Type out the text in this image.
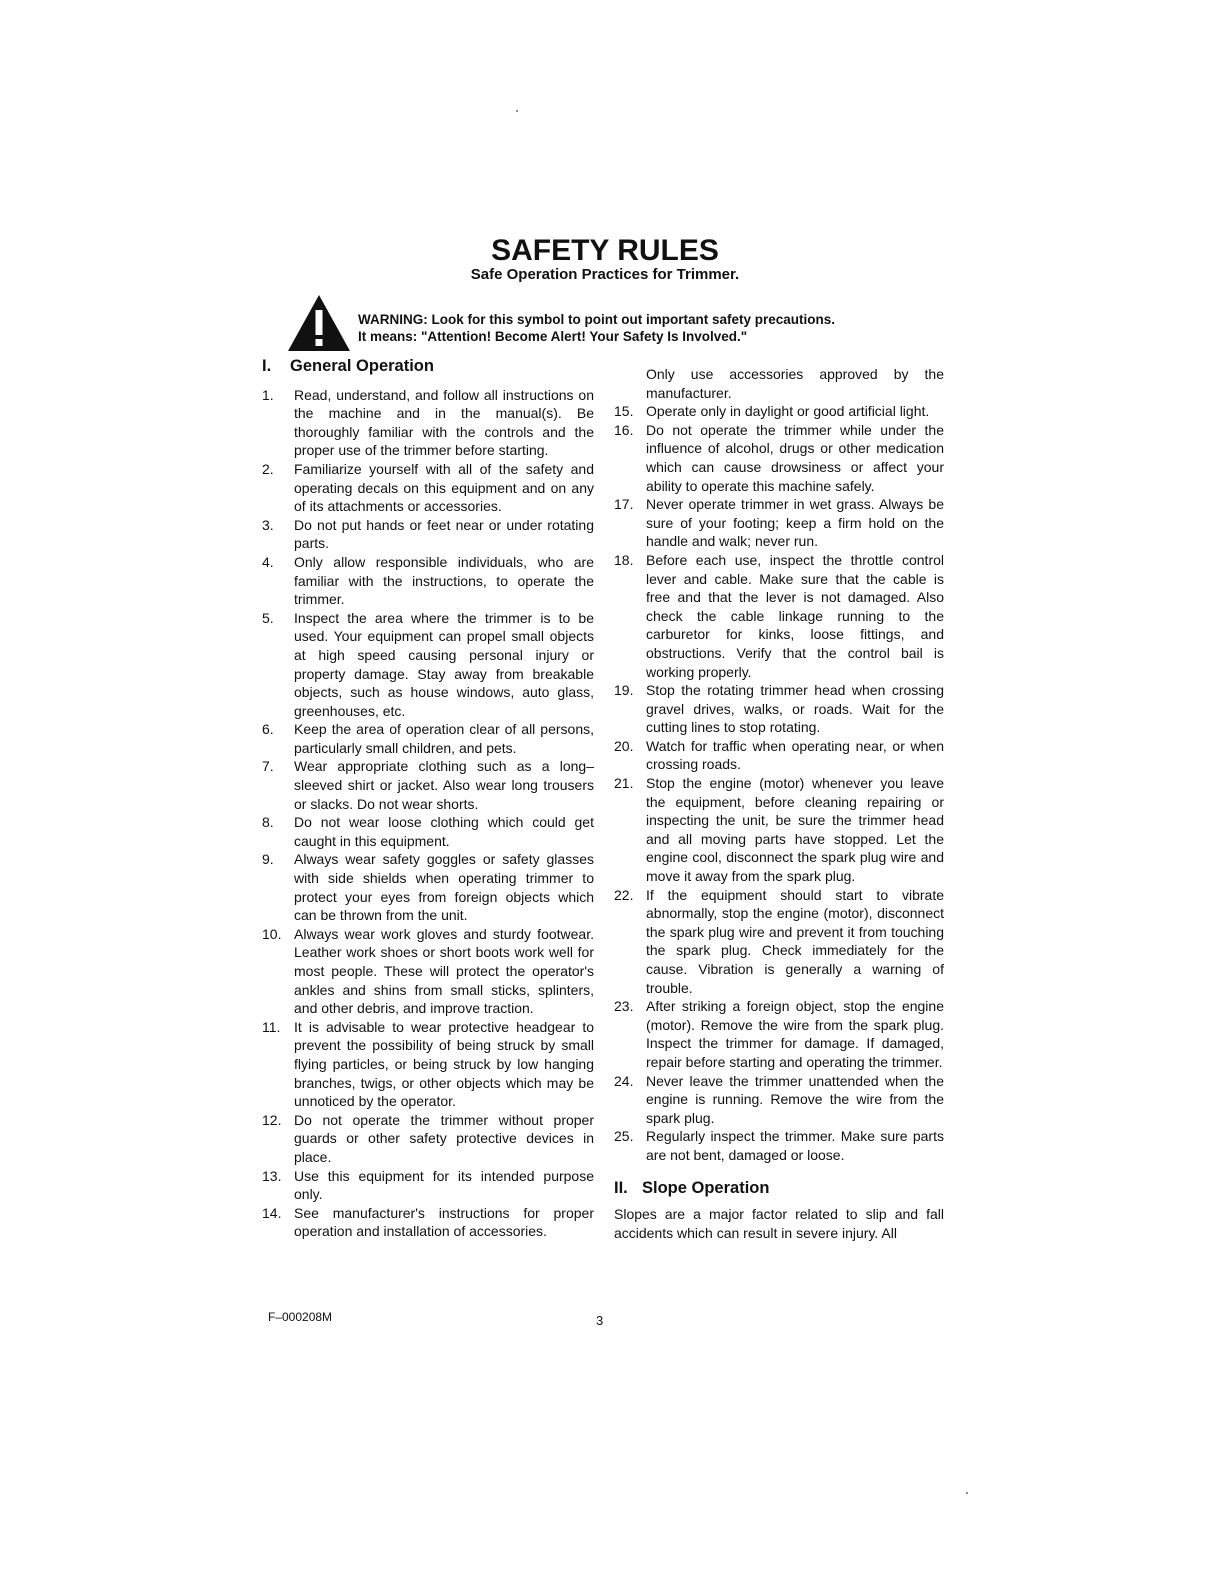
SAFETY RULES
Safe Operation Practices for Trimmer.
WARNING: Look for this symbol to point out important safety precautions.
It means: "Attention! Become Alert! Your Safety Is Involved."
I. General Operation
1.	Read, understand, and follow all instructions on the machine and in the manual(s). Be thoroughly familiar with the controls and the proper use of the trimmer before starting.
2.	Familiarize yourself with all of the safety and operating decals on this equipment and on any of its attachments or accessories.
3.	Do not put hands or feet near or under rotating parts.
4.	Only allow responsible individuals, who are familiar with the instructions, to operate the trimmer.
5.	Inspect the area where the trimmer is to be used. Your equipment can propel small objects at high speed causing personal injury or property damage. Stay away from breakable objects, such as house windows, auto glass, greenhouses, etc.
6.	Keep the area of operation clear of all persons, particularly small children, and pets.
7.	Wear appropriate clothing such as a long–sleeved shirt or jacket. Also wear long trousers or slacks. Do not wear shorts.
8.	Do not wear loose clothing which could get caught in this equipment.
9.	Always wear safety goggles or safety glasses with side shields when operating trimmer to protect your eyes from foreign objects which can be thrown from the unit.
10. Always wear work gloves and sturdy footwear. Leather work shoes or short boots work well for most people. These will protect the operator's ankles and shins from small sticks, splinters, and other debris, and improve traction.
11. It is advisable to wear protective headgear to prevent the possibility of being struck by small flying particles, or being struck by low hanging branches, twigs, or other objects which may be unnoticed by the operator.
12. Do not operate the trimmer without proper guards or other safety protective devices in place.
13. Use this equipment for its intended purpose only.
14. See manufacturer's instructions for proper operation and installation of accessories.

Only use accessories approved by the manufacturer.

15. Operate only in daylight or good artificial light.
16. Do not operate the trimmer while under the influence of alcohol, drugs or other medication which can cause drowsiness or affect your ability to operate this machine safely.
17. Never operate trimmer in wet grass. Always be sure of your footing; keep a firm hold on the handle and walk; never run.
18. Before each use, inspect the throttle control lever and cable. Make sure that the cable is free and that the lever is not damaged. Also check the cable linkage running to the carburetor for kinks, loose fittings, and obstructions. Verify that the control bail is working properly.
19. Stop the rotating trimmer head when crossing gravel drives, walks, or roads. Wait for the cutting lines to stop rotating.
20. Watch for traffic when operating near, or when crossing roads.
21. Stop the engine (motor) whenever you leave the equipment, before cleaning repairing or inspecting the unit, be sure the trimmer head and all moving parts have stopped. Let the engine cool, disconnect the spark plug wire and move it away from the spark plug.
22. If the equipment should start to vibrate abnormally, stop the engine (motor), disconnect the spark plug wire and prevent it from touching the spark plug. Check immediately for the cause. Vibration is generally a warning of trouble.
23. After striking a foreign object, stop the engine (motor). Remove the wire from the spark plug. Inspect the trimmer for damage. If damaged, repair before starting and operating the trimmer.
24. Never leave the trimmer unattended when the engine is running. Remove the wire from the spark plug.
25. Regularly inspect the trimmer. Make sure parts are not bent, damaged or loose.
II. Slope Operation

Slopes are a major factor related to slip and fall accidents which can result in severe injury. All

F–000208M	3
